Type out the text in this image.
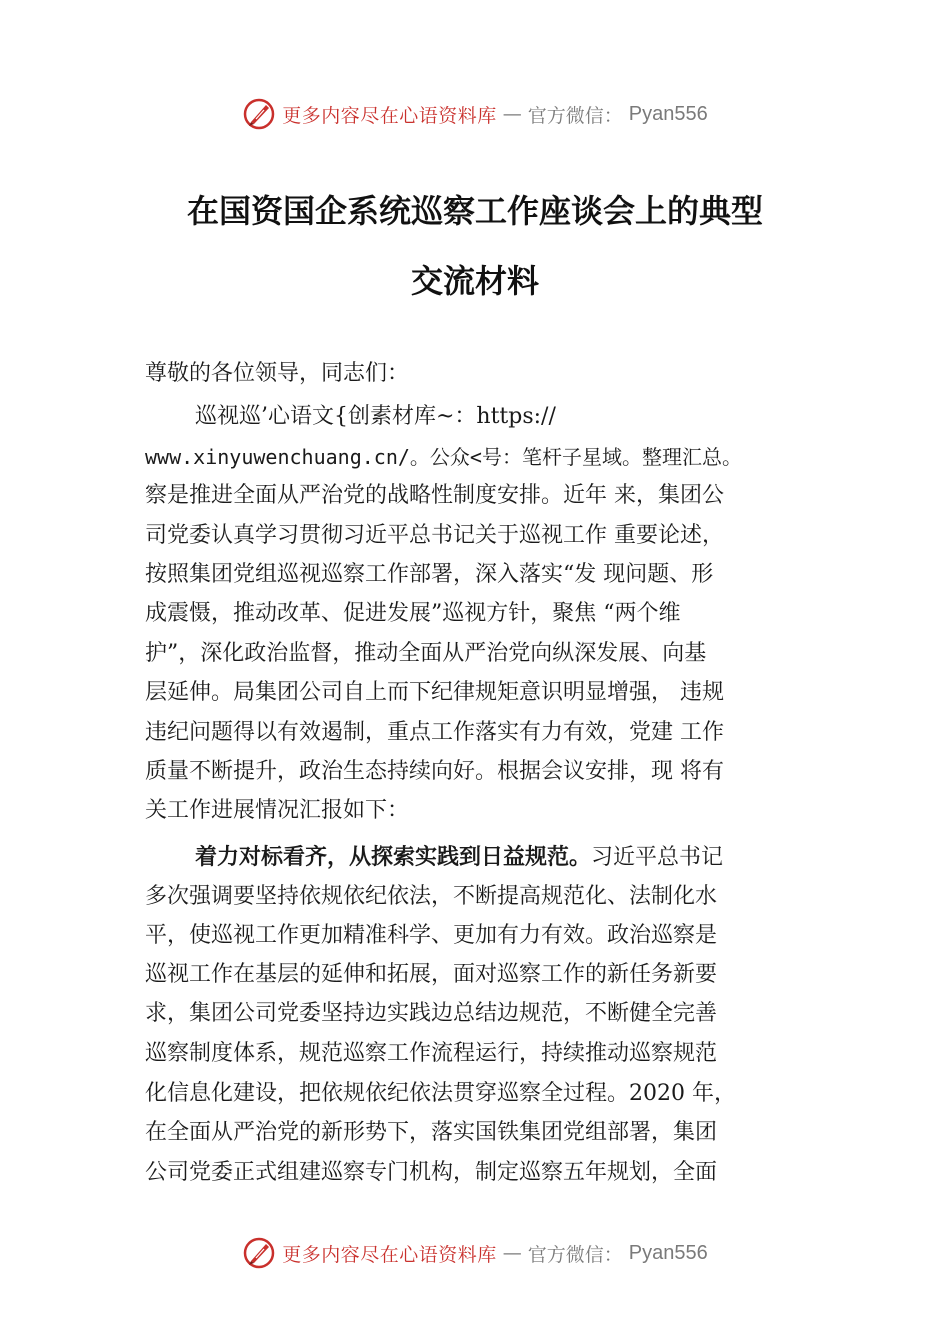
更多内容尽在心语资料库 — 官方微信： Pyan556
在国资国企系统巡察工作座谈会上的典型
交流材料
尊敬的各位领导，同志们：
巡视巡’心语文{创素材库~：https://
www.xinyuwenchuang.cn/。公众<号：笔杆子星域。整理汇总。
察是推进全面从严治党的战略性制度安排。近年 来，集团公
司党委认真学习贯彻习近平总书记关于巡视工作 重要论述，
按照集团党组巡视巡察工作部署，深入落实“发 现问题、形
成震慑，推动改革、促进发展”巡视方针，聚焦 “两个维
护”，深化政治监督，推动全面从严治党向纵深发展、向基
层延伸。局集团公司自上而下纪律规矩意识明显增强， 违规
违纪问题得以有效遏制，重点工作落实有力有效，党建 工作
质量不断提升，政治生态持续向好。根据会议安排，现 将有
关工作进展情况汇报如下：
着力对标看齐，从探索实践到日益规范。习近平总书记
多次强调要坚持依规依纪依法，不断提高规范化、法制化水
平，使巡视工作更加精准科学、更加有力有效。政治巡察是
巡视工作在基层的延伸和拓展，面对巡察工作的新任务新要
求，集团公司党委坚持边实践边总结边规范，不断健全完善
巡察制度体系，规范巡察工作流程运行，持续推动巡察规范
化信息化建设，把依规依纪依法贯穿巡察全过程。2020 年，
在全面从严治党的新形势下，落实国铁集团党组部署，集团
公司党委正式组建巡察专门机构，制定巡察五年规划，全面
更多内容尽在心语资料库 — 官方微信： Pyan556
